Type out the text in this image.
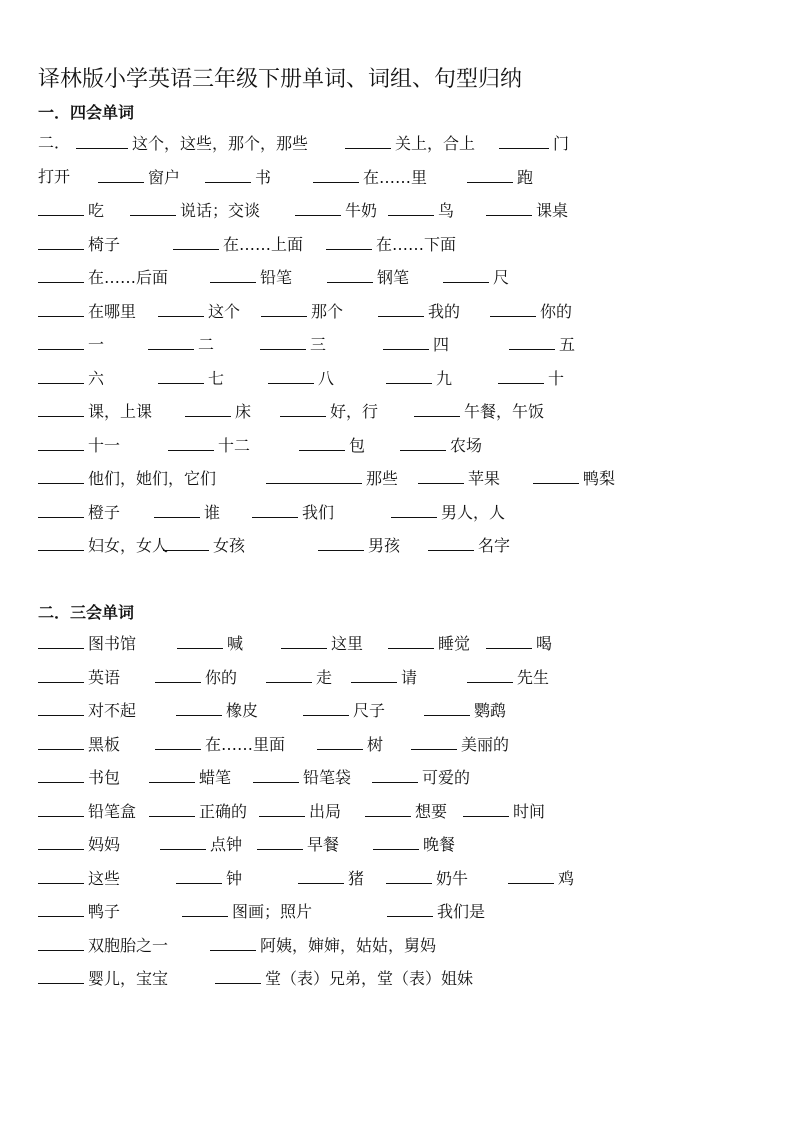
译林版小学英语三年级下册单词、词组、句型归纳
一．四会单词
二．	这个，这些，那个，那些	关上，合上	门
打开	窗户	书	在……里	跑
吃	说话；交谈	牛奶	鸟	课桌
椅子	在……上面	在……下面
在……后面	铅笔	钢笔	尺
在哪里	这个	那个	我的	你的
一	二	三	四	五
六	七	八	九	十
课，上课	床	好，行	午餐，午饭
十一	十二	包	农场
他们，她们，它们	那些	苹果	鸭梨
橙子	谁	我们	男人，人
妇女，女人	女孩	男孩	名字
二．三会单词
图书馆	喊	这里	睡觉	喝
英语	你的	走	请	先生
对不起	橡皮	尺子	鹦鹉
黑板	在……里面	树	美丽的
书包	蜡笔	铅笔袋	可爱的
铅笔盒	正确的	出局	想要	时间
妈妈	点钟	早餐	晚餐
这些	钟	猪	奶牛	鸡
鸭子	图画；照片	我们是
双胞胎之一	阿姨，婶婶，姑姑，舅妈
婴儿，宝宝	堂（表）兄弟，堂（表）姐妹
